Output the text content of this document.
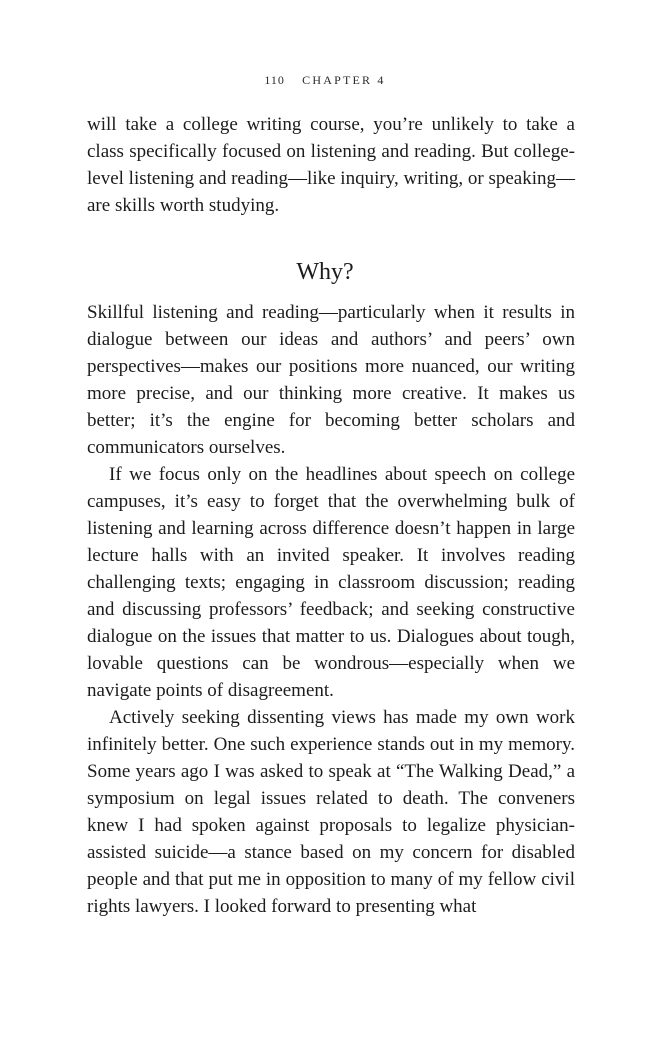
110 CHAPTER 4

will take a college writing course, you’re unlikely to take a class specifically focused on listening and reading. But college-level listening and reading—like inquiry, writing, or speaking—are skills worth studying.

Why?

Skillful listening and reading—particularly when it results in dialogue between our ideas and authors’ and peers’ own perspectives—makes our positions more nuanced, our writing more precise, and our thinking more creative. It makes us better; it’s the engine for becoming better scholars and communicators ourselves.

If we focus only on the headlines about speech on college campuses, it’s easy to forget that the overwhelming bulk of listening and learning across difference doesn’t happen in large lecture halls with an invited speaker. It involves reading challenging texts; engaging in classroom discussion; reading and discussing professors’ feedback; and seeking constructive dialogue on the issues that matter to us. Dialogues about tough, lovable questions can be wondrous—especially when we navigate points of disagreement.

Actively seeking dissenting views has made my own work infinitely better. One such experience stands out in my memory. Some years ago I was asked to speak at “The Walking Dead,” a symposium on legal issues related to death. The conveners knew I had spoken against proposals to legalize physician-assisted suicide—a stance based on my concern for disabled people and that put me in opposition to many of my fellow civil rights lawyers. I looked forward to presenting what
